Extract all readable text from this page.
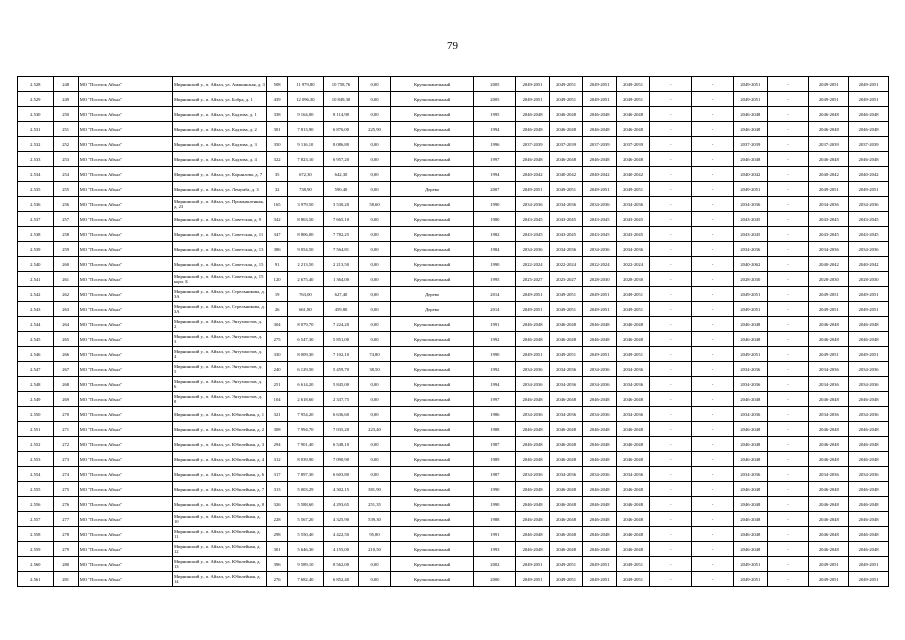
79
2.528	248	МО "Поселок Айхал"	Мирнинский у., п. Айхал, ул. Амакинская, д. 3	508	11 979,80	10 758,76	0,00	Крупнопанельный	2005	2049-2051	2049-2051	2049-2051	2049-2051	-	-	2049-2051	-	2049-2051	2049-2051
2.529	249	МО "Поселок Айхал"	Мирнинский у., п. Айхал, ул. Бобра, д. 1	439	12 096,30	10 849,30	0,00	Крупнопанельный	2005	2049-2051	2049-2051	2049-2051	2049-2051	-	-	2049-2051	-	2049-2051	2049-2051
2.530	250	МО "Поселок Айхал"	Мирнинский у., п. Айхал, ул. Кадзова, д. 1	338	9 164,00	8 114,98	0,00	Крупнопанельный	1995	2046-2048	2046-2048	2046-2048	2046-2048	-	-	2046-2048	-	2046-2048	2046-2048
2.531	251	МО "Поселок Айхал"	Мирнинский у., п. Айхал, ул. Кадзова, д. 2	301	7 813,90	6 876,00	225,90	Крупнопанельный	1994	2046-2048	2046-2048	2046-2048	2046-2048	-	-	2046-2048	-	2046-2048	2046-2048
2.532	252	МО "Поселок Айхал"	Мирнинский у., п. Айхал, ул. Кадзова, д. 3	350	9 116,10	8 086,80	0,00	Крупнопанельный	1996	2037-2039	2037-2039	2037-2039	2037-2039	-	-	2037-2039	-	2037-2039	2037-2039
2.533	253	МО "Поселок Айхал"	Мирнинский у., п. Айхал, ул. Кадзова, д. 4	322	7 823,10	6 957,20	0,00	Крупнопанельный	1997	2046-2048	2046-2048	2046-2048	2046-2048	-	-	2046-2048	-	2046-2048	2046-2048
2.534	254	МО "Поселок Айхал"	Мирнинский у., п. Айхал, ул. Корнилова, д. 7	35	672,30	642,30	0,00	Крупнопанельный	1994	2040-2042	2040-2042	2040-2042	2040-2042	-	-	2040-2042	-	2040-2042	2040-2042
2.535	255	МО "Поселок Айхал"	Мирнинский у., п. Айхал, ул. Лемумба, д. 3	32	738,90	590,40	0,00	Дерево	2007	2049-2051	2049-2051	2049-2051	2049-2051	-	-	2049-2051	-	2049-2051	2049-2051
2.536	256	МО "Поселок Айхал"	Мирнинский у., п. Айхал, ул. Промышленная, д. 23	165	3 979,50	3 530,20	58,60	Крупнопанельный	1990	2034-2036	2034-2036	2034-2036	2034-2036	-	-	2034-2036	-	2034-2036	2034-2036
2.537	257	МО "Поселок Айхал"	Мирнинский у., п. Айхал, ул. Советская, д. 9	342	8 863,50	7 665,10	0,00	Крупнопанельный	1980	2043-2045	2043-2045	2043-2045	2043-2045	-	-	2043-2045	-	2043-2045	2043-2045
2.538	258	МО "Поселок Айхал"	Мирнинский у., п. Айхал, ул. Советская, д. 11	347	8 806,00	7 782,25	0,00	Крупнопанельный	1982	2043-2045	2043-2045	2043-2045	2043-2045	-	-	2043-2045	-	2043-2045	2043-2045
2.539	259	МО "Поселок Айхал"	Мирнинский у., п. Айхал, ул. Советская, д. 13	386	9 054,50	7 564,81	0,00	Крупнопанельный	1984	2034-2036	2034-2036	2034-2036	2034-2036	-	-	2034-2036	-	2034-2036	2034-2036
2.540	260	МО "Поселок Айхал"	Мирнинский у., п. Айхал, ул. Советская, д. 15	91	2 213,50	2 213,50	0,00	Крупнопанельный	1990	2022-2024	2022-2024	2022-2024	2022-2024	-	-	2040-2062	-	2040-2042	2040-2042
2.541	261	МО "Поселок Айхал"	Мирнинский у., п. Айхал, ул. Советская, д. 15 корп. Б	120	2 675,40	1 364,00	0,00	Крупнопанельный	1995	2025-2027	2025-2027	2028-2030	2028-2030	-	-	2028-2030	-	2028-2030	2028-2030
2.542	262	МО "Поселок Айхал"	Мирнинский у., п. Айхал, ул. Стрельникова, д. 3А	19	763,00	627,40	0,00	Дерево	2014	2049-2051	2049-2051	2049-2051	2049-2051	-	-	2049-2051	-	2049-2051	2049-2051
2.543	263	МО "Поселок Айхал"	Мирнинский у., п. Айхал, ул. Стрельникова, д. 3А	26	661,80	459,80	0,00	Дерево	2014	2049-2051	2049-2051	2049-2051	2049-2051	-	-	2049-2051	-	2049-2051	2049-2051
2.544	264	МО "Поселок Айхал"	Мирнинский у., п. Айхал, ул. Энтузиастов, д. 2	304	8 079,70	7 224,20	0,00	Крупнопанельный	1991	2046-2048	2046-2048	2046-2048	2046-2048	-	-	2046-2048	-	2046-2048	2046-2048
2.545	265	МО "Поселок Айхал"	Мирнинский у., п. Айхал, ул. Энтузиастов, д. 3	275	6 547,30	5 851,00	0,00	Крупнопанельный	1992	2046-2048	2046-2048	2046-2048	2046-2048	-	-	2046-2048	-	2046-2048	2046-2048
2.546	266	МО "Поселок Айхал"	Мирнинский у., п. Айхал, ул. Энтузиастов, д. 4	330	8 009,30	7 102,10	74,80	Крупнопанельный	1990	2049-2051	2049-2051	2049-2051	2049-2051	-	-	2049-2051	-	2049-2051	2049-2051
2.547	267	МО "Поселок Айхал"	Мирнинский у., п. Айхал, ул. Энтузиастов, д. 5	240	6 129,50	5 459,70	38,50	Крупнопанельный	1992	2034-2036	2034-2036	2034-2036	2034-2036	-	-	2034-2036	-	2034-2036	2034-2036
2.548	268	МО "Поселок Айхал"	Мирнинский у., п. Айхал, ул. Энтузиастов, д. 6	251	6 614,20	5 845,00	0,00	Крупнопанельный	1994	2034-2036	2034-2036	2034-2036	2034-2036	-	-	2034-2036	-	2034-2036	2034-2036
2.549	269	МО "Поселок Айхал"	Мирнинский у., п. Айхал, ул. Энтузиастов, д. 8	104	2 618,60	2 337,75	0,00	Крупнопанельный	1997	2046-2048	2046-2048	2046-2048	2046-2048	-	-	2046-2048	-	2046-2048	2046-2048
2.550	270	МО "Поселок Айхал"	Мирнинский у., п. Айхал, ул. Юбилейная, д. 1	321	7 954,20	6 636,60	0,00	Крупнопанельный	1986	2034-2036	2034-2036	2034-2036	2034-2036	-	-	2034-2036	-	2034-2036	2034-2036
2.551	271	МО "Поселок Айхал"	Мирнинский у., п. Айхал, ул. Юбилейная, д. 2	308	7 994,70	7 035,20	223,40	Крупнопанельный	1988	2046-2048	2046-2048	2046-2048	2046-2048	-	-	2046-2048	-	2046-2048	2046-2048
2.552	272	МО "Поселок Айхал"	Мирнинский у., п. Айхал, ул. Юбилейная, д. 3	294	7 901,40	6 548,10	0,00	Крупнопанельный	1987	2046-2048	2046-2048	2046-2048	2046-2048	-	-	2046-2048	-	2046-2048	2046-2048
2.553	273	МО "Поселок Айхал"	Мирнинский у., п. Айхал, ул. Юбилейная, д. 4	312	8 039,90	7 090,90	0,00	Крупнопанельный	1989	2046-2048	2046-2048	2046-2048	2046-2048	-	-	2046-2048	-	2046-2048	2046-2048
2.554	274	МО "Поселок Айхал"	Мирнинский у., п. Айхал, ул. Юбилейная, д. 6	317	7 897,30	6 603,80	0,00	Крупнопанельный	1987	2034-2036	2034-2036	2034-2036	2034-2036	-	-	2034-2036	-	2034-2036	2034-2036
2.555	275	МО "Поселок Айхал"	Мирнинский у., п. Айхал, ул. Юбилейная, д. 7	313	5 003,29	4 302,15	381,90	Крупнопанельный	1990	2046-2048	2046-2048	2046-2048	2046-2048	-	-	2046-2048	-	2046-2048	2046-2048
2.556	276	МО "Поселок Айхал"	Мирнинский у., п. Айхал, ул. Юбилейная, д. 8	326	5 588,60	4 293,65	251,35	Крупнопанельный	1990	2046-2048	2046-2048	2046-2048	2046-2048	-	-	2046-2048	-	2046-2048	2046-2048
2.557	277	МО "Поселок Айхал"	Мирнинский у., п. Айхал, ул. Юбилейная, д. 10	228	5 567,20	4 325,90	539,30	Крупнопанельный	1988	2046-2048	2046-2048	2046-2048	2046-2048	-	-	2046-2048	-	2046-2048	2046-2048
2.558	278	МО "Поселок Айхал"	Мирнинский у., п. Айхал, ул. Юбилейная, д. 11	298	5 550,40	4 422,50	95,80	Крупнопанельный	1991	2046-2048	2046-2048	2046-2048	2046-2048	-	-	2046-2048	-	2046-2048	2046-2048
2.559	279	МО "Поселок Айхал"	Мирнинский у., п. Айхал, ул. Юбилейная, д. 12	301	5 646,30	4 155,00	210,50	Крупнопанельный	1993	2046-2048	2046-2048	2046-2048	2046-2048	-	-	2046-2048	-	2046-2048	2046-2048
2.560	280	МО "Поселок Айхал"	Мирнинский у., п. Айхал, ул. Юбилейная, д. 13	396	9 589,10	8 562,00	0,00	Крупнопанельный	2002	2049-2051	2049-2051	2049-2051	2049-2051	-	-	2049-2051	-	2049-2051	2049-2051
2.561	281	МО "Поселок Айхал"	Мирнинский у., п. Айхал, ул. Юбилейная, д. 14	276	7 682,40	6 852,40	0,00	Крупнопанельный	2000	2049-2051	2049-2051	2049-2051	2049-2051	-	-	2049-2051	-	2049-2051	2049-2051
